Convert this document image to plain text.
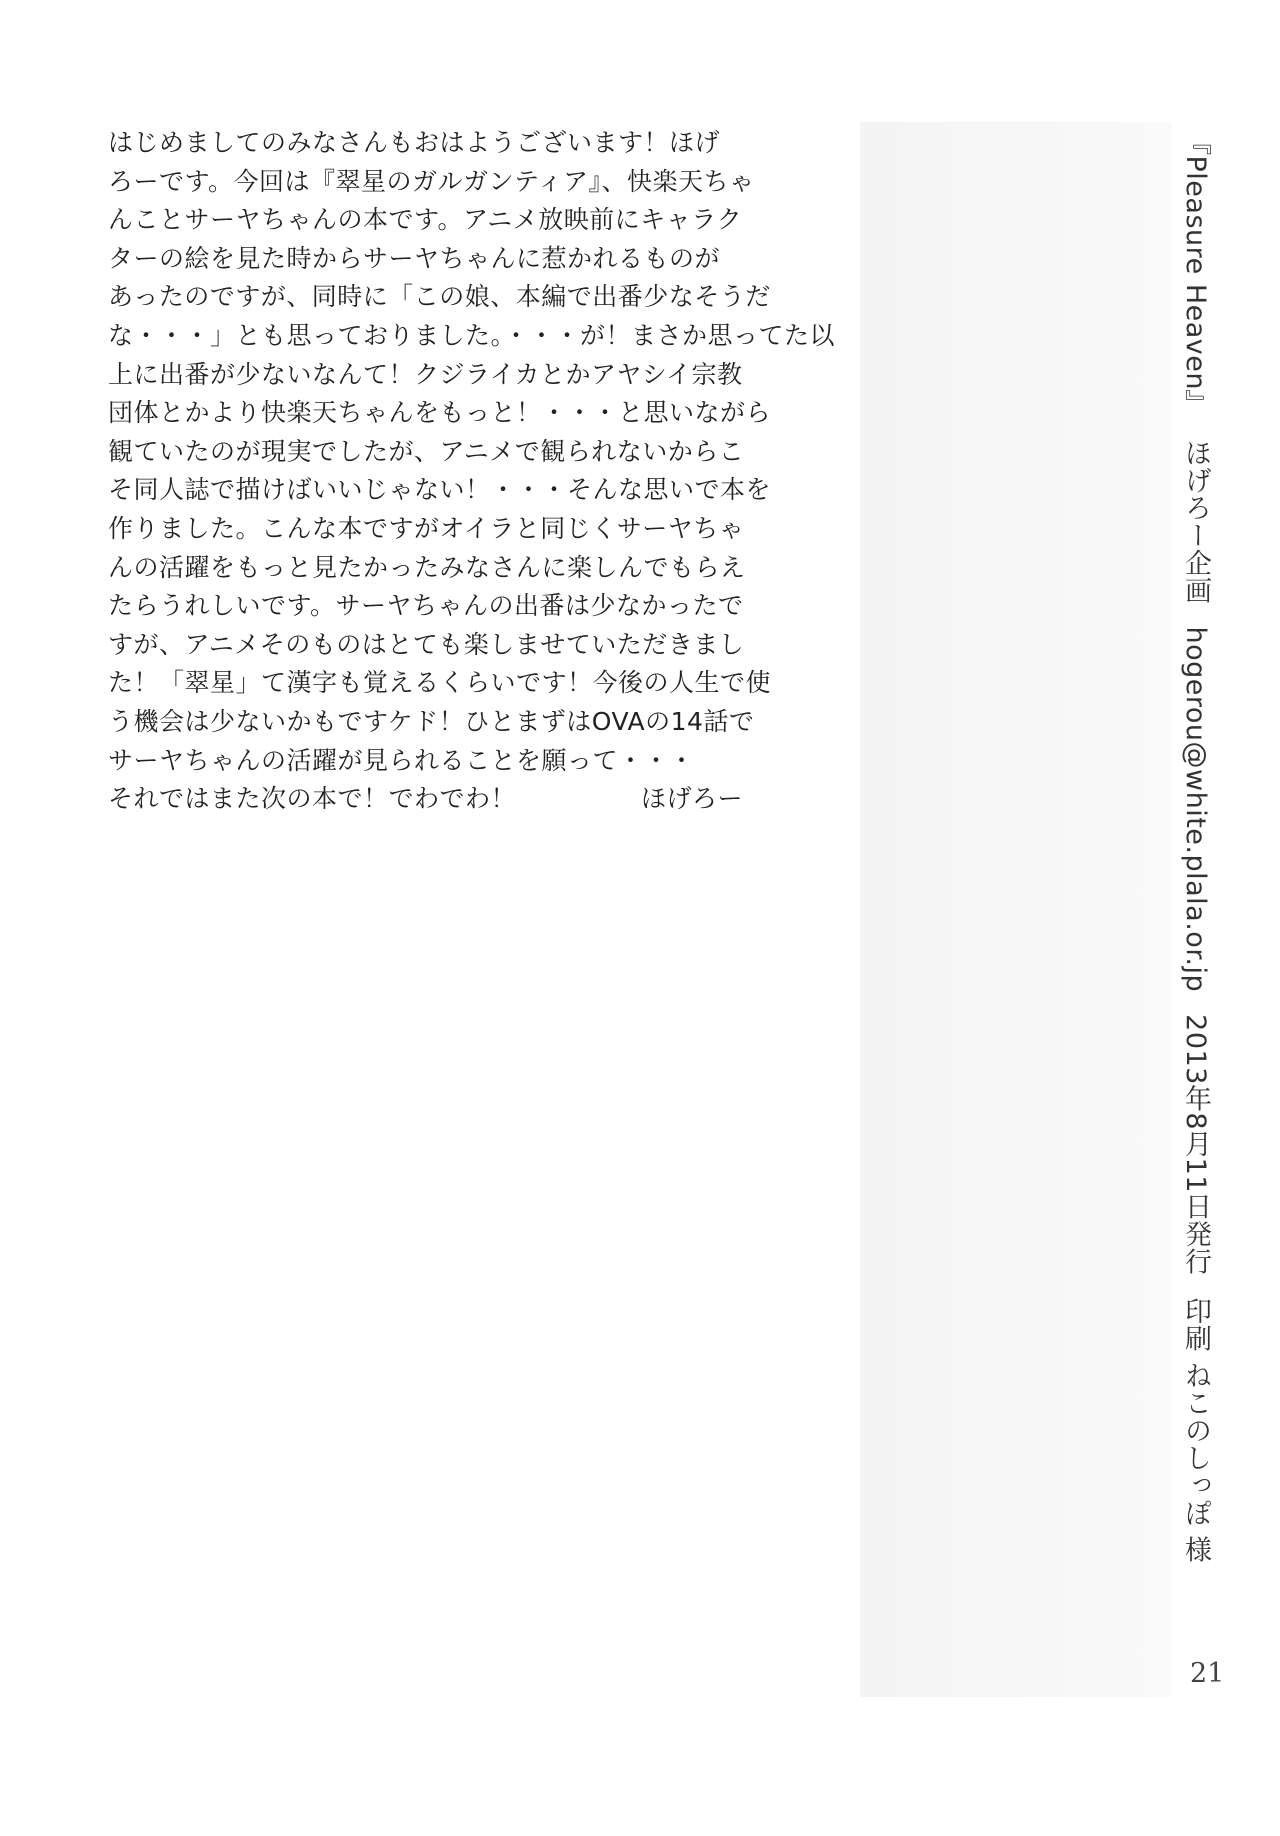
はじめましてのみなさんもおはようございます！ほげ
ろーです。今回は『翠星のガルガンティア』、快楽天ちゃ
んことサーヤちゃんの本です。アニメ放映前にキャラク
ターの絵を見た時からサーヤちゃんに惹かれるものが
あったのですが、同時に「この娘、本編で出番少なそうだ
な・・・」とも思っておりました。・・・が！まさか思ってた以
上に出番が少ないなんて！クジライカとかアヤシイ宗教
団体とかより快楽天ちゃんをもっと！・・・と思いながら
観ていたのが現実でしたが、アニメで観られないからこ
そ同人誌で描けばいいじゃない！・・・そんな思いで本を
作りました。こんな本ですがオイラと同じくサーヤちゃ
んの活躍をもっと見たかったみなさんに楽しんでもらえ
たらうれしいです。サーヤちゃんの出番は少なかったで
すが、アニメそのものはとても楽しませていただきまし
た！「翠星」て漢字も覚えるくらいです！今後の人生で使
う機会は少ないかもですケド！ひとまずはOVAの14話で
サーヤちゃんの活躍が見られることを願って・・・
それではまた次の本で！でわでわ！	ほげろー
『Pleasure Heaven』ほげろー企画hogerou@white.plala.or.jp2013年8月11日発行印刷 ねこのしっぽ 様
21
